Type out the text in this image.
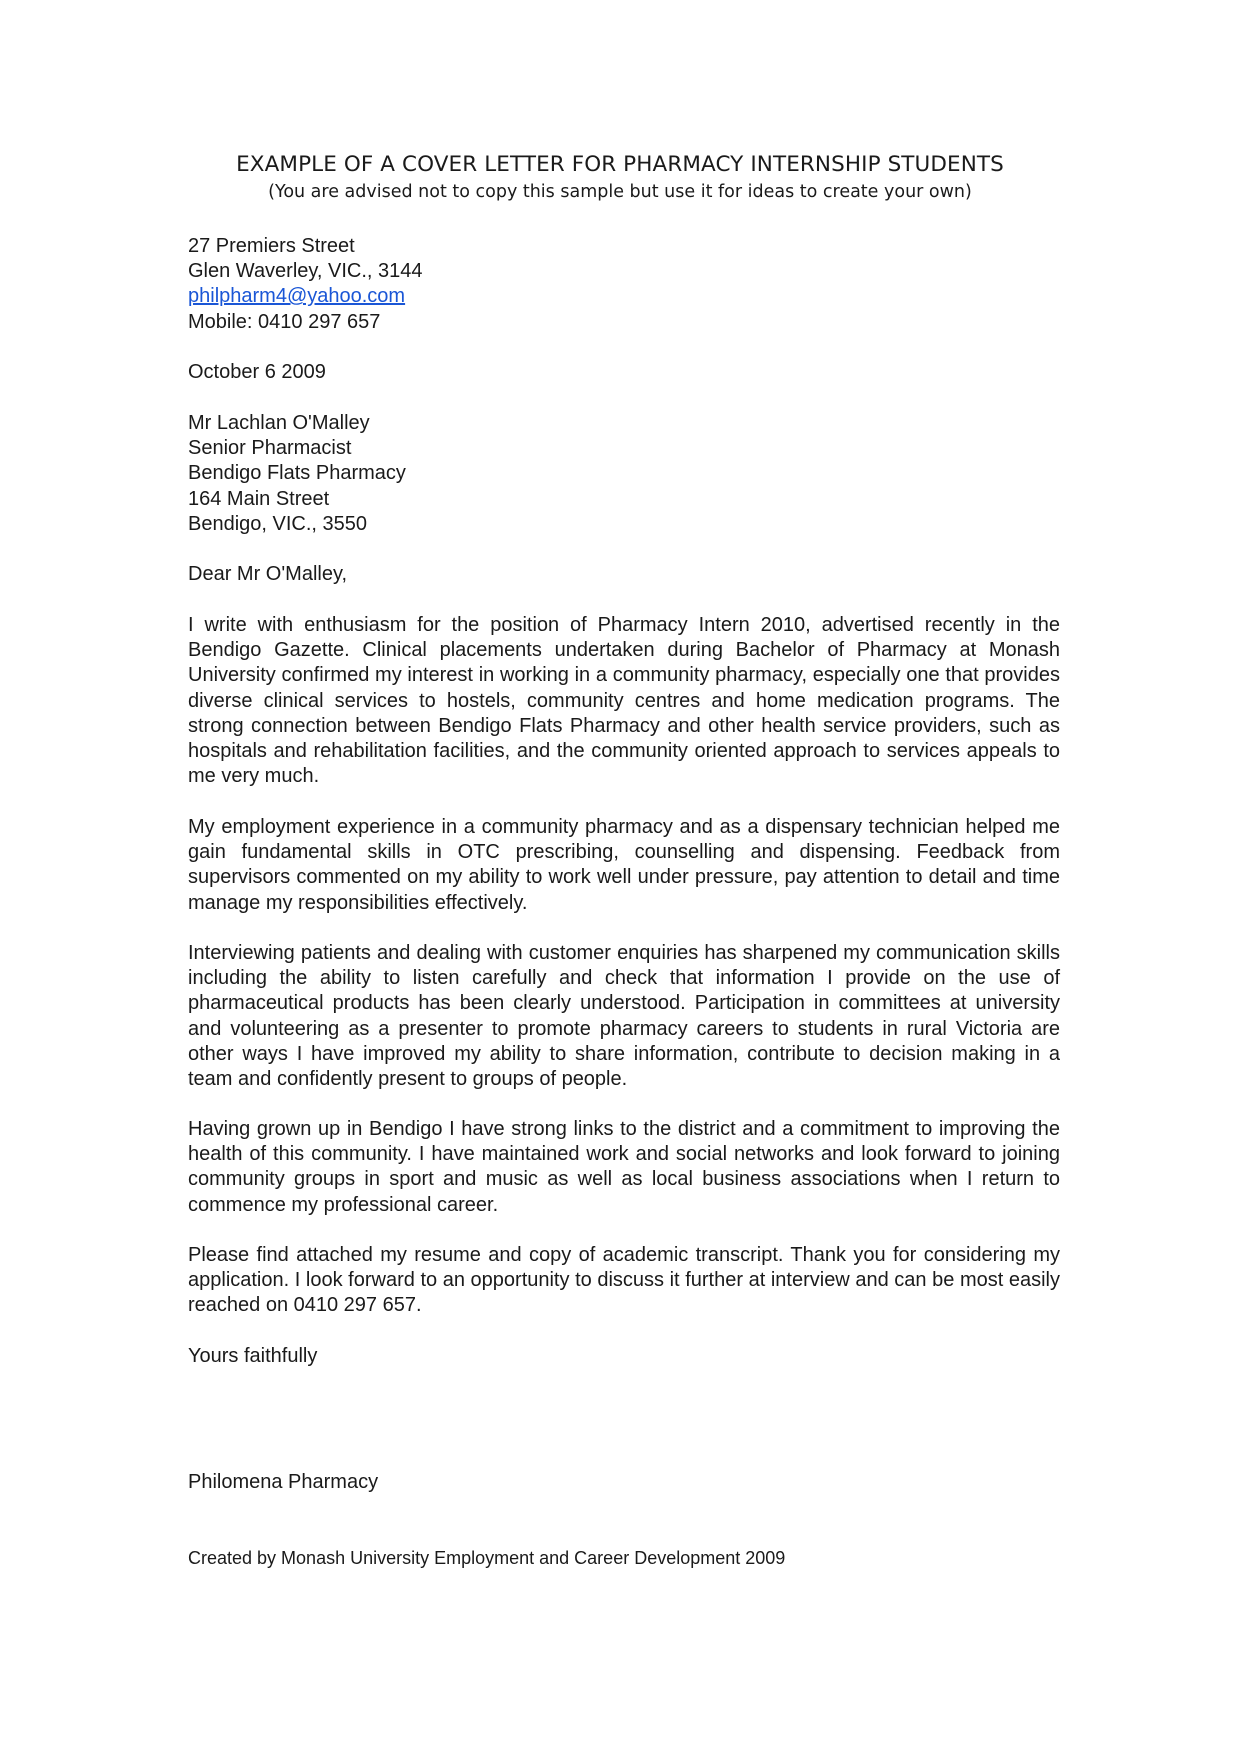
EXAMPLE OF A COVER LETTER FOR PHARMACY INTERNSHIP STUDENTS
(You are advised not to copy this sample but use it for ideas to create your own)
27 Premiers Street
Glen Waverley, VIC., 3144
philpharm4@yahoo.com
Mobile: 0410 297 657
October 6 2009
Mr Lachlan O'Malley
Senior Pharmacist
Bendigo Flats Pharmacy
164 Main Street
Bendigo, VIC., 3550
Dear Mr O'Malley,

I write with enthusiasm for the position of Pharmacy Intern 2010, advertised recently in the Bendigo Gazette. Clinical placements undertaken during Bachelor of Pharmacy at Monash University confirmed my interest in working in a community pharmacy, especially one that provides diverse clinical services to hostels, community centres and home medication programs. The strong connection between Bendigo Flats Pharmacy and other health service providers, such as hospitals and rehabilitation facilities, and the community oriented approach to services appeals to me very much.

My employment experience in a community pharmacy and as a dispensary technician helped me gain fundamental skills in OTC prescribing, counselling and dispensing. Feedback from supervisors commented on my ability to work well under pressure, pay attention to detail and time manage my responsibilities effectively.

Interviewing patients and dealing with customer enquiries has sharpened my communication skills including the ability to listen carefully and check that information I provide on the use of pharmaceutical products has been clearly understood. Participation in committees at university and volunteering as a presenter to promote pharmacy careers to students in rural Victoria are other ways I have improved my ability to share information, contribute to decision making in a team and confidently present to groups of people.

Having grown up in Bendigo I have strong links to the district and a commitment to improving the health of this community. I have maintained work and social networks and look forward to joining community groups in sport and music as well as local business associations when I return to commence my professional career.

Please find attached my resume and copy of academic transcript. Thank you for considering my application. I look forward to an opportunity to discuss it further at interview and can be most easily reached on 0410 297 657.

Yours faithfully
Philomena Pharmacy
Created by Monash University Employment and Career Development 2009
